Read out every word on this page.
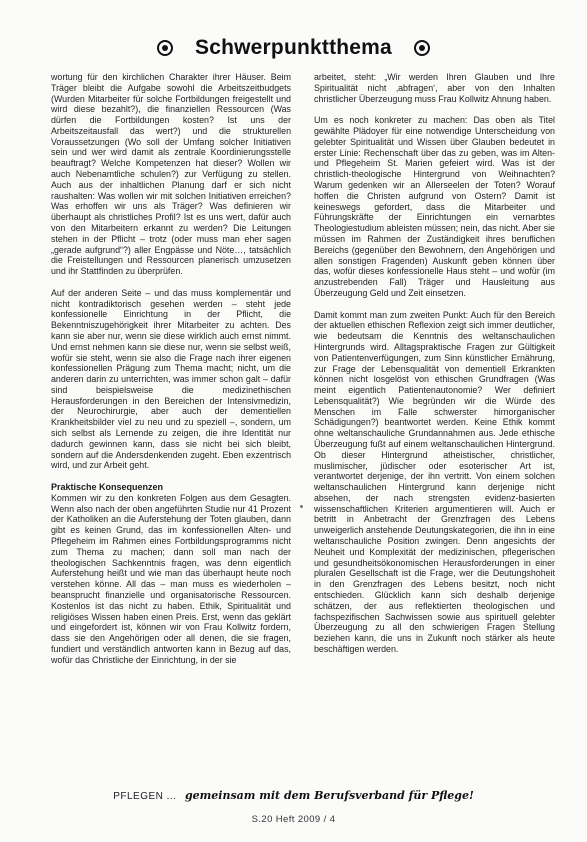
Schwerpunktthema

wortung für den kirchlichen Charakter ihrer Häuser. Beim Träger bleibt die Aufgabe sowohl die Arbeitszeitbudgets (Wurden Mitarbeiter für solche Fortbildungen freigestellt und wird diese bezahlt?), die finanziellen Ressourcen (Was dürfen die Fortbildungen kosten? Ist uns der Arbeitszeitausfall das wert?) und die strukturellen Voraussetzungen (Wo soll der Umfang solcher Initiativen sein und wer wird damit als zentrale Koordinierungsstelle beauftragt? Welche Kompetenzen hat dieser? Wollen wir auch Nebenamtliche schulen?) zur Verfügung zu stellen. Auch aus der inhaltlichen Planung darf er sich nicht raushalten: Was wollen wir mit solchen Initiativen erreichen? Was erhoffen wir uns als Träger? Was definieren wir überhaupt als christliches Profil? Ist es uns wert, dafür auch von den Mitarbeitern erkannt zu werden? Die Leitungen stehen in der Pflicht – trotz (oder muss man eher sagen „gerade aufgrund“?) aller Engpässe und Nöte…, tatsächlich die Freistellungen und Ressourcen planerisch umzusetzen und ihr Stattfinden zu überprüfen.

Auf der anderen Seite – und das muss komplementär und nicht kontradiktorisch gesehen werden – steht jede konfessionelle Einrichtung in der Pflicht, die Bekenntniszugehörigkeit ihrer Mitarbeiter zu achten. Des kann sie aber nur, wenn sie diese wirklich auch ernst nimmt. Und ernst nehmen kann sie diese nur, wenn sie selbst weiß, wofür sie steht, wenn sie also die Frage nach ihrer eigenen konfessionellen Prägung zum Thema macht; nicht, um die anderen darin zu unterrichten, was immer schon galt – dafür sind beispielsweise die medizinethischen Herausforderungen in den Bereichen der Intensivmedizin, der Neurochirurgie, aber auch der dementiellen Krankheitsbilder viel zu neu und zu speziell –, sondern, um sich selbst als Lernende zu zeigen, die ihre Identität nur dadurch gewinnen kann, dass sie nicht bei sich bleibt, sondern auf die Andersdenkenden zugeht. Eben exzentrisch wird, und zur Arbeit geht.

Praktische Konsequenzen

Kommen wir zu den konkreten Folgen aus dem Gesagten. Wenn also nach der oben angeführten Studie nur 41 Prozent der Katholiken an die Auferstehung der Toten glauben, dann gibt es keinen Grund, das im konfessionellen Alten- und Pflegeheim im Rahmen eines Fortbildungsprogramms nicht zum Thema zu machen; dann soll man nach der theologischen Sachkenntnis fragen, was denn eigentlich Auferstehung heißt und wie man das überhaupt heute noch verstehen könne. All das – man muss es wiederholen – beansprucht finanzielle und organisatorische Ressourcen. Kostenlos ist das nicht zu haben. Ethik, Spiritualität und religiöses Wissen haben einen Preis. Erst, wenn das geklärt und eingefordert ist, können wir von Frau Kollwitz fordern, dass sie den Angehörigen oder all denen, die sie fragen, fundiert und verständlich antworten kann in Bezug auf das, wofür das Christliche der Einrichtung, in der sie

arbeitet, steht: „Wir werden Ihren Glauben und Ihre Spiritualität nicht ‚abfragen‘, aber von den Inhalten christlicher Überzeugung muss Frau Kollwitz Ahnung haben.

Um es noch konkreter zu machen: Das oben als Titel gewählte Plädoyer für eine notwendige Unterscheidung von gelebter Spiritualität und Wissen über Glauben bedeutet in erster Linie: Rechenschaft über das zu geben, was im Alten- und Pflegeheim St. Marien gefeiert wird. Was ist der christlich-theologische Hintergrund von Weihnachten? Warum gedenken wir an Allerseelen der Toten? Worauf hoffen die Christen aufgrund von Ostern? Damit ist keineswegs gefordert, dass die Mitarbeiter und Führungskräfte der Einrichtungen ein vernarbtes Theologiestudium ableisten müssen; nein, das nicht. Aber sie müssen im Rahmen der Zuständigkeit ihres beruflichen Bereichs (gegenüber den Bewohnern, den Angehörigen und allen sonstigen Fragenden) Auskunft geben können über das, wofür dieses konfessionelle Haus steht – und wofür (im anzustrebenden Fall) Träger und Hausleitung aus Überzeugung Geld und Zeit einsetzen.

Damit kommt man zum zweiten Punkt: Auch für den Bereich der aktuellen ethischen Reflexion zeigt sich immer deutlicher, wie bedeutsam die Kenntnis des weltanschaulichen Hintergrunds wird. Alltagspraktische Fragen zur Gültigkeit von Patientenverfügungen, zum Sinn künstlicher Ernährung, zur Frage der Lebensqualität von dementiell Erkrankten können nicht losgelöst von ethischen Grundfragen (Was meint eigentlich Patientenautonomie? Wer definiert Lebensqualität?) Wie begründen wir die Würde des Menschen im Falle schwerster hirnorganischer Schädigungen?) beantwortet werden. Keine Ethik kommt ohne weltanschauliche Grundannahmen aus. Jede ethische Überzeugung fußt auf einem weltanschaulichen Hintergrund. Ob dieser Hintergrund atheistischer, christlicher, muslimischer, jüdischer oder esoterischer Art ist, verantwortet derjenige, der ihn vertritt. Von einem solchen weltanschaulichen Hintergrund kann derjenige nicht absehen, der nach strengsten evidenz-basierten wissenschaftlichen Kriterien argumentieren will. Auch er betritt in Anbetracht der Grenzfragen des Lebens unweigerlich anstehende Deutungskategorien, die ihn in eine weltanschauliche Position zwingen. Denn angesichts der Neuheit und Komplexität der medizinischen, pflegerischen und gesundheitsökonomischen Herausforderungen in einer pluralen Gesellschaft ist die Frage, wer die Deutungshoheit in den Grenzfragen des Lebens besitzt, noch nicht entschieden. Glücklich kann sich deshalb derjenige schätzen, der aus reflektierten theologischen und fachspezifischen Sachwissen sowie aus spirituell gelebter Überzeugung zu all den schwierigen Fragen Stellung beziehen kann, die uns in Zukunft noch stärker als heute beschäftigen werden.

PFLEGEN ... gemeinsam mit dem Berufsverband für Pflege!
S.20 Heft 2009 / 4
